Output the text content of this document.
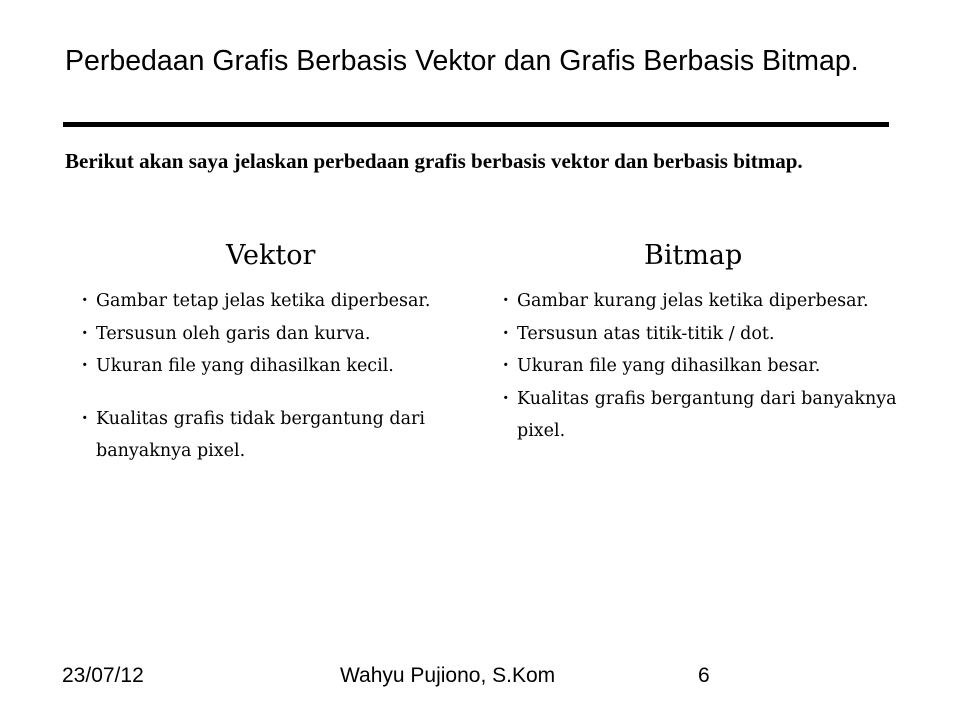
Perbedaan Grafis Berbasis Vektor dan Grafis Berbasis Bitmap.

Berikut akan saya jelaskan perbedaan grafis berbasis vektor dan berbasis bitmap.

Vektor	Bitmap
・ Gambar tetap jelas ketika diperbesar.
・ Tersusun oleh garis dan kurva.
・ Ukuran file yang dihasilkan kecil.
・ Kualitas grafis tidak bergantung dari banyaknya pixel.
・ Gambar kurang jelas ketika diperbesar.
・ Tersusun atas titik-titik / dot.
・ Ukuran file yang dihasilkan besar.
・ Kualitas grafis bergantung dari banyaknya pixel.
23/07/12	Wahyu Pujiono, S.Kom	6
